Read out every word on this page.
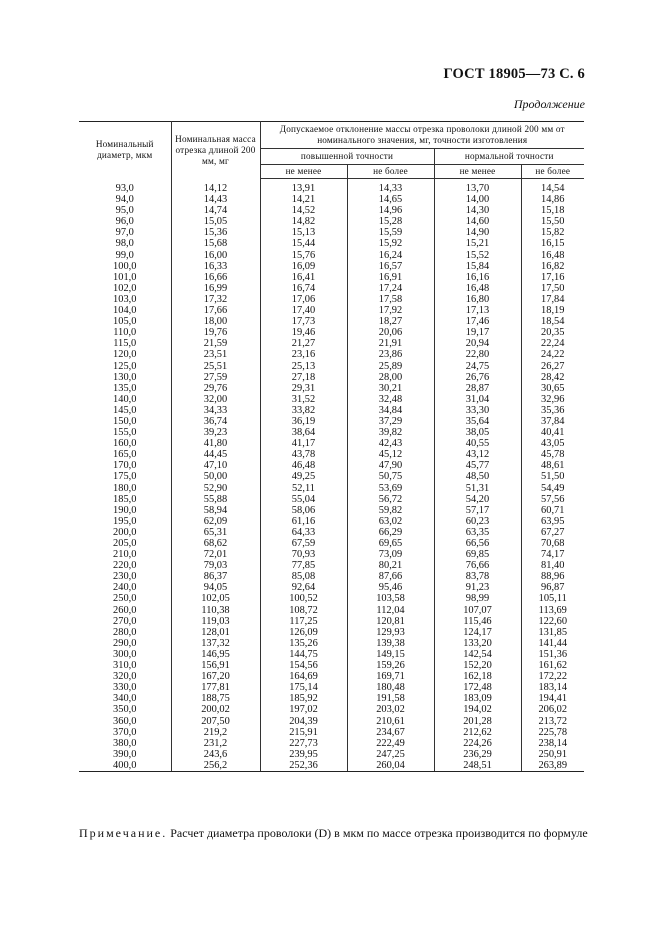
ГОСТ 18905—73 С. 6
Продолжение
Номинальный диаметр, мкм	Номинальная масса отрезка длиной 200 мм, мг	Допускаемое отклонение массы отрезка проволоки длиной 200 мм от номинального значения, мг, точности изготовления			
		повышенной точности		нормальной точности	
		не менее	не более	не менее	не более
93,0	14,12	13,91	14,33	13,70	14,54
94,0	14,43	14,21	14,65	14,00	14,86
95,0	14,74	14,52	14,96	14,30	15,18
96,0	15,05	14,82	15,28	14,60	15,50
97,0	15,36	15,13	15,59	14,90	15,82
98,0	15,68	15,44	15,92	15,21	16,15
99,0	16,00	15,76	16,24	15,52	16,48
100,0	16,33	16,09	16,57	15,84	16,82
101,0	16,66	16,41	16,91	16,16	17,16
102,0	16,99	16,74	17,24	16,48	17,50
103,0	17,32	17,06	17,58	16,80	17,84
104,0	17,66	17,40	17,92	17,13	18,19
105,0	18,00	17,73	18,27	17,46	18,54
110,0	19,76	19,46	20,06	19,17	20,35
115,0	21,59	21,27	21,91	20,94	22,24
120,0	23,51	23,16	23,86	22,80	24,22
125,0	25,51	25,13	25,89	24,75	26,27
130,0	27,59	27,18	28,00	26,76	28,42
135,0	29,76	29,31	30,21	28,87	30,65
140,0	32,00	31,52	32,48	31,04	32,96
145,0	34,33	33,82	34,84	33,30	35,36
150,0	36,74	36,19	37,29	35,64	37,84
155,0	39,23	38,64	39,82	38,05	40,41
160,0	41,80	41,17	42,43	40,55	43,05
165,0	44,45	43,78	45,12	43,12	45,78
170,0	47,10	46,48	47,90	45,77	48,61
175,0	50,00	49,25	50,75	48,50	51,50
180,0	52,90	52,11	53,69	51,31	54,49
185,0	55,88	55,04	56,72	54,20	57,56
190,0	58,94	58,06	59,82	57,17	60,71
195,0	62,09	61,16	63,02	60,23	63,95
200,0	65,31	64,33	66,29	63,35	67,27
205,0	68,62	67,59	69,65	66,56	70,68
210,0	72,01	70,93	73,09	69,85	74,17
220,0	79,03	77,85	80,21	76,66	81,40
230,0	86,37	85,08	87,66	83,78	88,96
240,0	94,05	92,64	95,46	91,23	96,87
250,0	102,05	100,52	103,58	98,99	105,11
260,0	110,38	108,72	112,04	107,07	113,69
270,0	119,03	117,25	120,81	115,46	122,60
280,0	128,01	126,09	129,93	124,17	131,85
290,0	137,32	135,26	139,38	133,20	141,44
300,0	146,95	144,75	149,15	142,54	151,36
310,0	156,91	154,56	159,26	152,20	161,62
320,0	167,20	164,69	169,71	162,18	172,22
330,0	177,81	175,14	180,48	172,48	183,14
340,0	188,75	185,92	191,58	183,09	194,41
350,0	200,02	197,02	203,02	194,02	206,02
360,0	207,50	204,39	210,61	201,28	213,72
370,0	219,2	215,91	234,67	212,62	225,78
380,0	231,2	227,73	222,49	224,26	238,14
390,0	243,6	239,95	247,25	236,29	250,91
400,0	256,2	252,36	260,04	248,51	263,89
Примечание. Расчет диаметра проволоки (D) в мкм по массе отрезка производится по формуле
